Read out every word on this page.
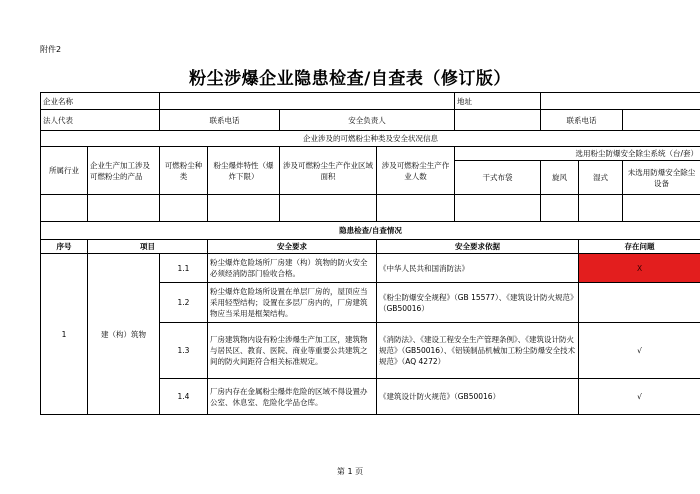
附件2
粉尘涉爆企业隐患检查/自查表（修订版）
企业名称						地址			
法人代表			联系电话	安全负责人			联系电话		
企业涉及的可燃粉尘种类及安全状况信息									
所属行业	企业生产加工涉及可燃粉尘的产品	可燃粉尘种类	粉尘爆炸特性（爆炸下限）	涉及可燃粉尘生产作业区域面积	涉及可燃粉尘生产作业人数	选用粉尘防爆安全除尘系统（台/套）			
						干式布袋	旋风	湿式	未选用防爆安全除尘设备

隐患检查/自查情况									
序号	项目		安全要求		安全要求依据			存在问题	
1	建（构）筑物	1.1	粉尘爆炸危险场所厂房建（构）筑物的防火安全必须经消防部门验收合格。		《中华人民共和国消防法》			X	
		1.2	粉尘爆炸危险场所设置在单层厂房的，屋顶应当采用轻型结构；设置在多层厂房内的，厂房建筑物应当采用是框架结构。		《粉尘防爆安全规程》（GB 15577）、《建筑设计防火规范》（GB50016）				
		1.3	厂房建筑物内设有粉尘涉爆生产加工区，建筑物与居民区、教育、医院、商业等重要公共建筑之间的防火间距符合相关标准规定。		《消防法》、《建设工程安全生产管理条例》、《建筑设计防火规范》（GB50016）、《铝镁制品机械加工粉尘防爆安全技术规范》（AQ 4272）			√	
		1.4	厂房内存在金属粉尘爆炸危险的区域不得设置办公室、休息室、危险化学品仓库。		《建筑设计防火规范》（GB50016）			√	
第 1 页
